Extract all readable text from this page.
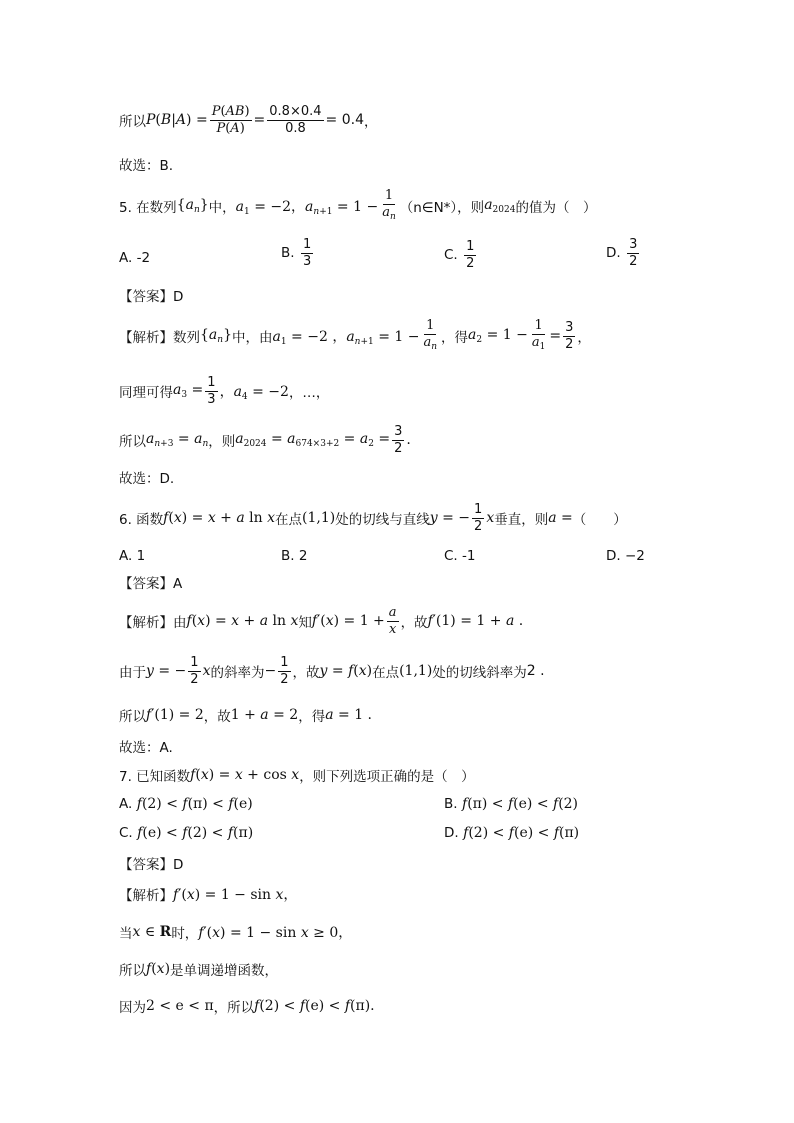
所以 $P(B|A) = \frac{P(AB)}{P(A)} = \frac{0.8\times 0.4}{0.8} = 0.4$ ，
故选：B.
5. 在数列 $\{a_n\}$ 中， $a_1 = -2$，$a_{n+1} = 1 - \frac{1}{a_n}$ （n∈N*），则 $a_{2024}$ 的值为（　）
A. -2	B.
$\frac{1}{3}$	C.
$\frac{1}{2}$	D.
$\frac{3}{2}$
【答案】D
【解析】 数列 $\{a_n\}$ 中，由 $a_1 = -2$ ，$a_{n+1} = 1 - \frac{1}{a_n}$ ，得 $a_2 = 1 - \frac{1}{a_1} = \frac{3}{2}$ ，
同理可得 $a_3 = \frac{1}{3}$ ，$a_4 = -2$ ，…，
所以 $a_{n+3} = a_n$ ，则 $a_{2024} = a_{674\times 3+2} = a_2 = \frac{3}{2}$ .
故选：D.
6. 函数 f(x) = x + a ln x 在点 (1,1) 处的切线与直线 y = − $\frac{1}{2}$ x 垂直，则 a = （　　）
A. 1	B. 2	C. -1	D. −2
【答案】A
【解析】 由 f(x) = x + a ln x 知 $f'(x) = 1 + \frac{a}{x}$ ，故 f′(1) = 1 + a .
由于 y = − $\frac{1}{2}$ x 的斜率为 − $\frac{1}{2}$ ，故 y = f(x) 在点 (1,1) 处的切线斜率为 2 .
所以 f′(1) = 2 ，故 1 + a = 2 ，得 a = 1 .
故选：A.
7. 已知函数 f(x) = x + cos x ，则下列选项正确的是（　）
A.
f(2) < f(π) < f(e)	B.
f(π) < f(e) < f(2)
C.
f(e) < f(2) < f(π)	D.
f(2) < f(e) < f(π)
【答案】D
【解析】 f′(x) = 1 − sin x，
当 x ∈ R 时， f′(x) = 1 − sin x ≥ 0，
所以 f(x) 是单调递增函数，
因为 2 < e < π ，所以 f(2) < f(e) < f(π).
